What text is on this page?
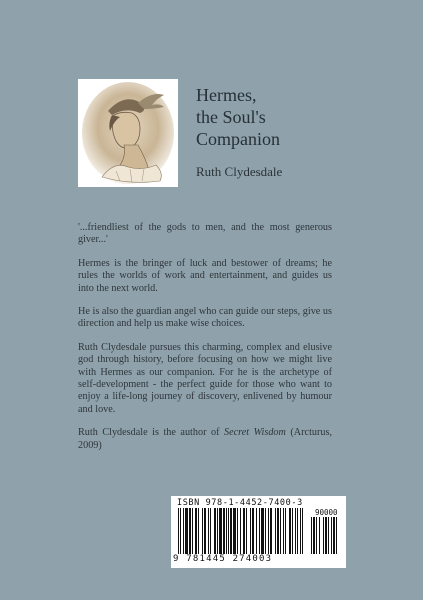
Hermes,
the Soul's
Companion
Ruth Clydesdale

'...friendliest of the gods to men, and the most generous giver...'

Hermes is the bringer of luck and bestower of dreams; he rules the worlds of work and entertainment, and guides us into the next world.

He is also the guardian angel who can guide our steps, give us direction and help us make wise choices.

Ruth Clydesdale pursues this charming, complex and elusive god through history, before focusing on how we might live with Hermes as our companion. For he is the archetype of self-development - the perfect guide for those who want to enjoy a life-long journey of discovery, enlivened by humour and love.

Ruth Clydesdale is the author of Secret Wisdom (Arcturus, 2009)

ISBN 978-1-4452-7400-3
90000
9 781445 274003
